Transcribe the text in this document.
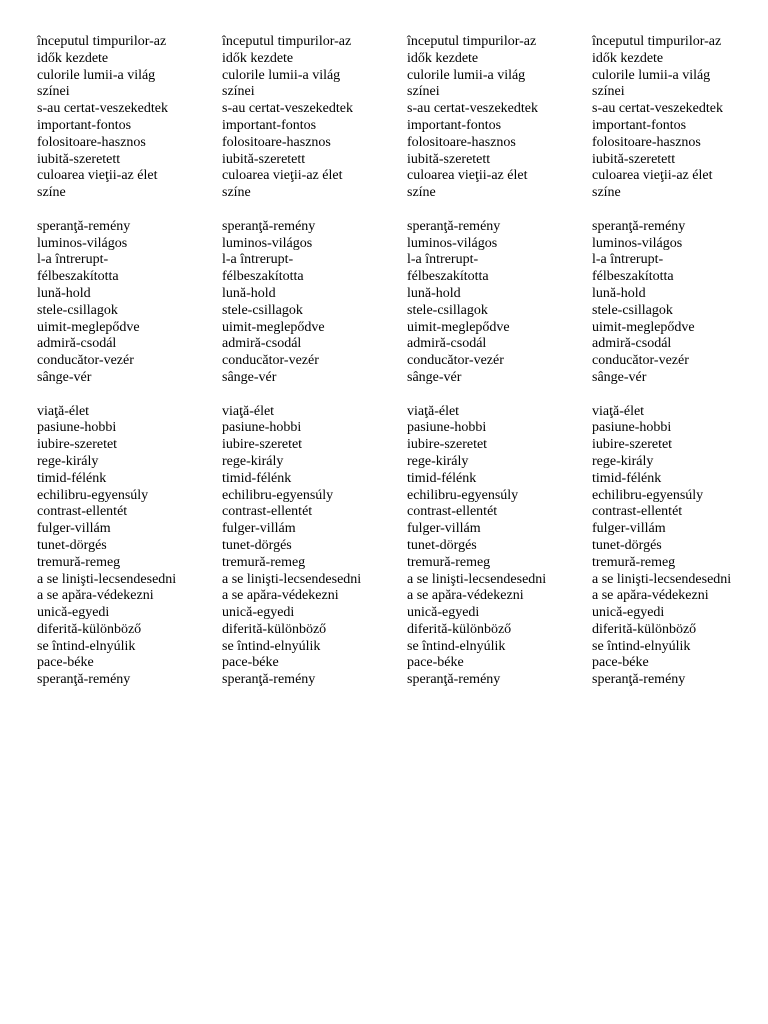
începutul timpurilor-az idők kezdete
culorile lumii-a világ színei
s-au certat-veszekedtek
important-fontos
folositoare-hasznos
iubită-szeretett
culoarea vieţii-az élet színe
speranţă-remény
luminos-világos
l-a întrerupt-félbeszakította
lună-hold
stele-csillagok
uimit-meglepődve
admiră-csodál
conducător-vezér
sânge-vér
viaţă-élet
pasiune-hobbi
iubire-szeretet
rege-király
timid-félénk
echilibru-egyensúly
contrast-ellentét
fulger-villám
tunet-dörgés
tremură-remeg
a se linişti-lecsendesedni
a se apăra-védekezni
unică-egyedi
diferită-különböző
se întind-elnyúlik
pace-béke
speranţă-remény
începutul timpurilor-az idők kezdete
culorile lumii-a világ színei
s-au certat-veszekedtek
important-fontos
folositoare-hasznos
iubită-szeretett
culoarea vieţii-az élet színe
speranţă-remény
luminos-világos
l-a întrerupt-félbeszakította
lună-hold
stele-csillagok
uimit-meglepődve
admiră-csodál
conducător-vezér
sânge-vér
viaţă-élet
pasiune-hobbi
iubire-szeretet
rege-király
timid-félénk
echilibru-egyensúly
contrast-ellentét
fulger-villám
tunet-dörgés
tremură-remeg
a se linişti-lecsendesedni
a se apăra-védekezni
unică-egyedi
diferită-különböző
se întind-elnyúlik
pace-béke
speranţă-remény
începutul timpurilor-az idők kezdete
culorile lumii-a világ színei
s-au certat-veszekedtek
important-fontos
folositoare-hasznos
iubită-szeretett
culoarea vieţii-az élet színe
speranţă-remény
luminos-világos
l-a întrerupt-félbeszakította
lună-hold
stele-csillagok
uimit-meglepődve
admiră-csodál
conducător-vezér
sânge-vér
viaţă-élet
pasiune-hobbi
iubire-szeretet
rege-király
timid-félénk
echilibru-egyensúly
contrast-ellentét
fulger-villám
tunet-dörgés
tremură-remeg
a se linişti-lecsendesedni
a se apăra-védekezni
unică-egyedi
diferită-különböző
se întind-elnyúlik
pace-béke
speranţă-remény
începutul timpurilor-az idők kezdete
culorile lumii-a világ színei
s-au certat-veszekedtek
important-fontos
folositoare-hasznos
iubită-szeretett
culoarea vieţii-az élet színe
speranţă-remény
luminos-világos
l-a întrerupt-félbeszakította
lună-hold
stele-csillagok
uimit-meglepődve
admiră-csodál
conducător-vezér
sânge-vér
viaţă-élet
pasiune-hobbi
iubire-szeretet
rege-király
timid-félénk
echilibru-egyensúly
contrast-ellentét
fulger-villám
tunet-dörgés
tremură-remeg
a se linişti-lecsendesedni
a se apăra-védekezni
unică-egyedi
diferită-különböző
se întind-elnyúlik
pace-béke
speranţă-remény
